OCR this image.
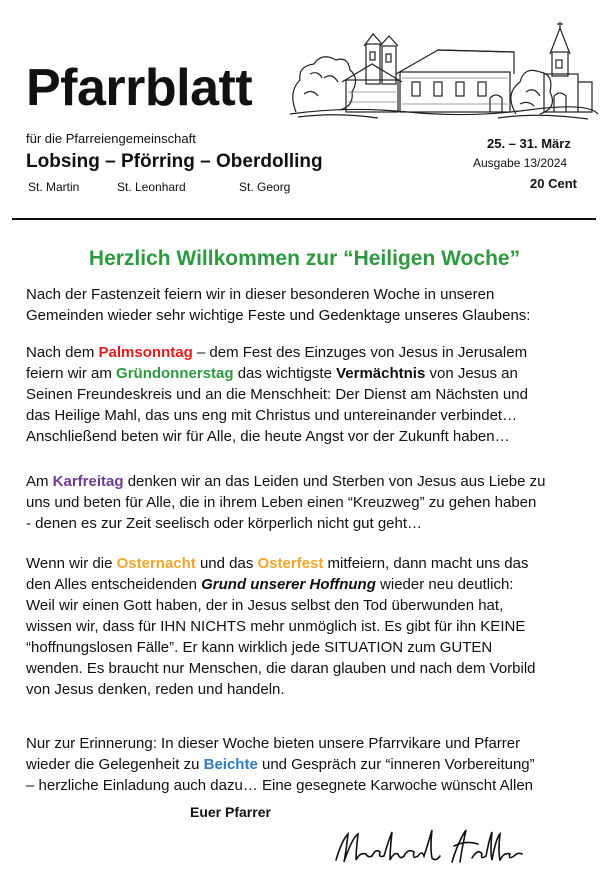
Pfarrblatt
für die Pfarreiengemeinschaft
Lobsing – Pförring – Oberdolling
St. Martin	St. Leonhard	St. Georg
25. – 31. März
Ausgabe 13/2024
20 Cent
Herzlich Willkommen zur “Heiligen Woche”
Nach der Fastenzeit feiern wir in dieser besonderen Woche in unseren
Gemeinden wieder sehr wichtige Feste und Gedenktage unseres Glaubens:
Nach dem Palmsonntag – dem Fest des Einzuges von Jesus in Jerusalem
feiern wir am Gründonnerstag das wichtigste Vermächtnis von Jesus an
Seinen Freundeskreis und an die Menschheit: Der Dienst am Nächsten und
das Heilige Mahl, das uns eng mit Christus und untereinander verbindet…
Anschließend beten wir für Alle, die heute Angst vor der Zukunft haben…
Am Karfreitag denken wir an das Leiden und Sterben von Jesus aus Liebe zu
uns und beten für Alle, die in ihrem Leben einen “Kreuzweg” zu gehen haben
- denen es zur Zeit seelisch oder körperlich nicht gut geht…
Wenn wir die Osternacht und das Osterfest mitfeiern, dann macht uns das
den Alles entscheidenden Grund unserer Hoffnung wieder neu deutlich:
Weil wir einen Gott haben, der in Jesus selbst den Tod überwunden hat,
wissen wir, dass für IHN NICHTS mehr unmöglich ist. Es gibt für ihn KEINE
“hoffnungslosen Fälle”. Er kann wirklich jede SITUATION zum GUTEN
wenden. Es braucht nur Menschen, die daran glauben und nach dem Vorbild
von Jesus denken, reden und handeln.
Nur zur Erinnerung: In dieser Woche bieten unsere Pfarrvikare und Pfarrer
wieder die Gelegenheit zu Beichte und Gespräch zur “inneren Vorbereitung”
– herzliche Einladung auch dazu… Eine gesegnete Karwoche wünscht Allen
Euer Pfarrer
